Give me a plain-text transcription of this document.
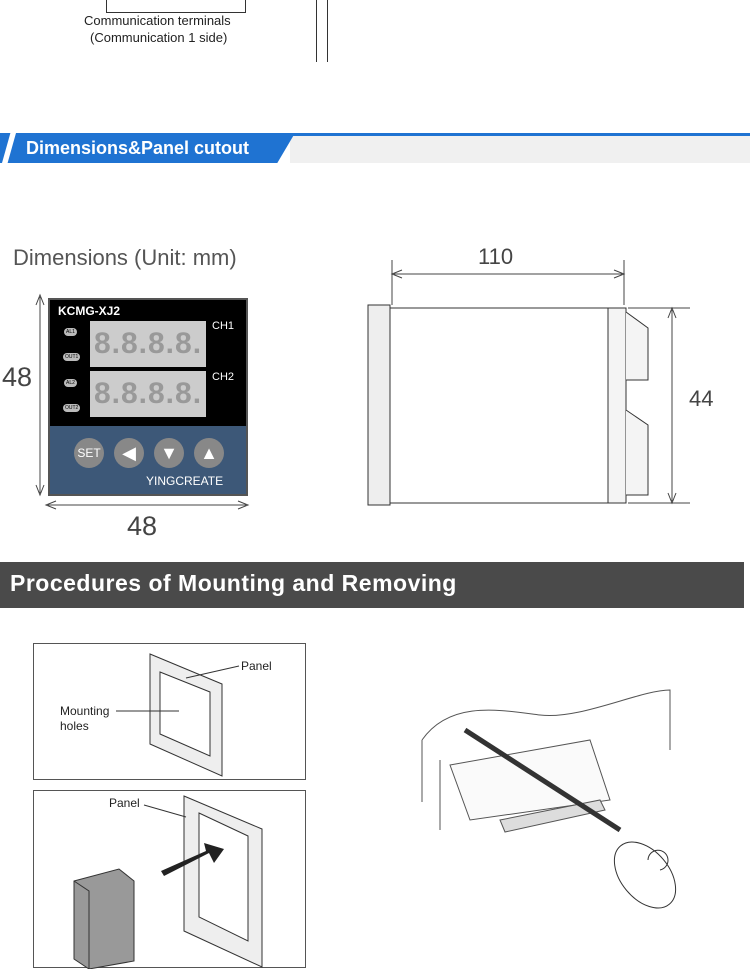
Communication terminals
(Communication 1 side)
Dimensions&Panel cutout
Dimensions (Unit: mm)
48
48
KCMG-XJ2
8.8.8.8.
8.8.8.8.
CH1
CH2
AL1
OUT1
AL2
OUT2
SET	◀	▼	▲
YINGCREATE
110
44
Procedures of Mounting and Removing
Panel
Mounting
holes
Panel
